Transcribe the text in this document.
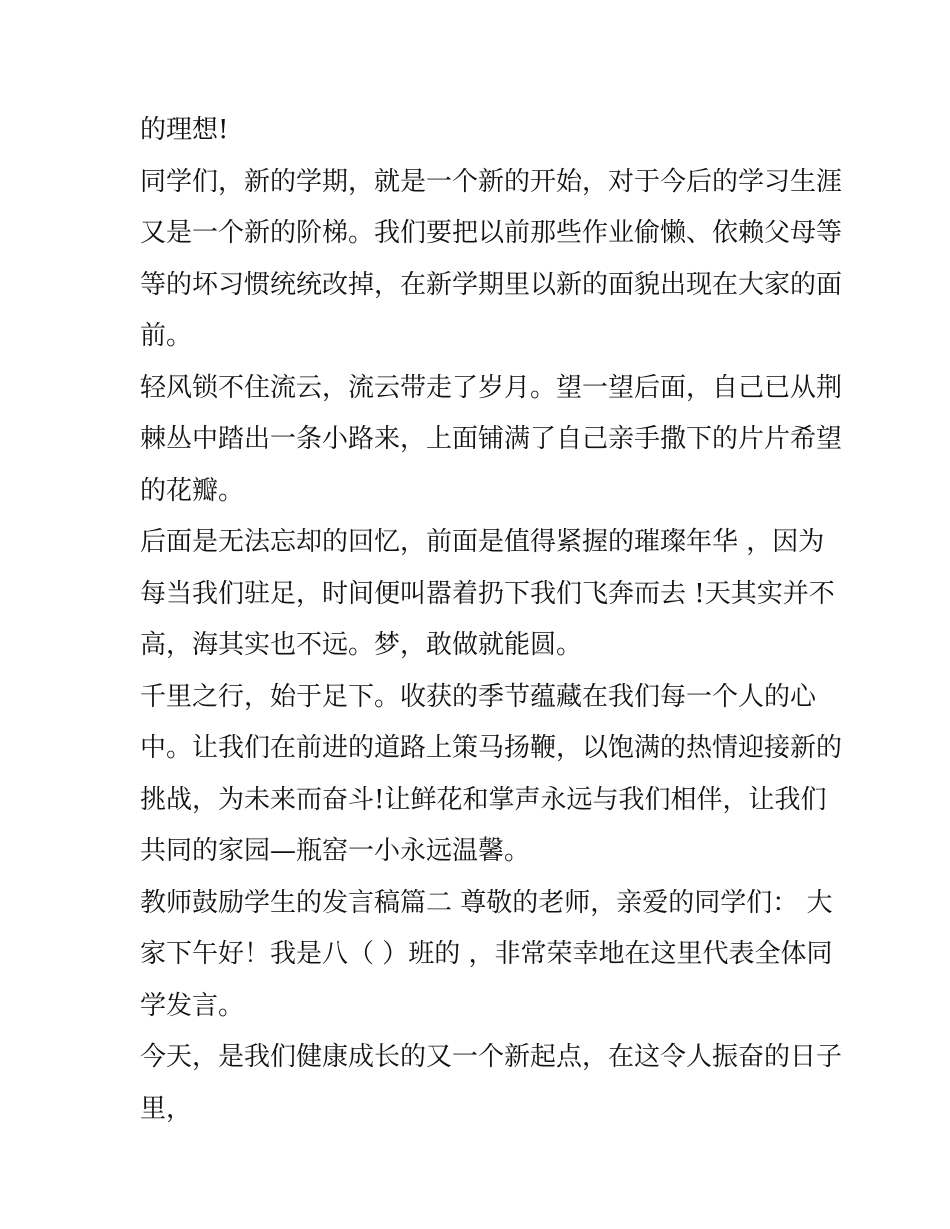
的理想!

同学们，新的学期，就是一个新的开始，对于今后的学习生涯
又是一个新的阶梯。我们要把以前那些作业偷懒、依赖父母等
等的坏习惯统统改掉，在新学期里以新的面貌出现在大家的面
前。

轻风锁不住流云，流云带走了岁月。望一望后面，自己已从荆
棘丛中踏出一条小路来，上面铺满了自己亲手撒下的片片希望
的花瓣。

后面是无法忘却的回忆，前面是值得紧握的璀璨年华 ，因为
每当我们驻足，时间便叫嚣着扔下我们飞奔而去 !天其实并不
高，海其实也不远。梦，敢做就能圆。

千里之行，始于足下。收获的季节蕴藏在我们每一个人的心
中。让我们在前进的道路上策马扬鞭，以饱满的热情迎接新的
挑战，为未来而奋斗!让鲜花和掌声永远与我们相伴，让我们
共同的家园—瓶窑一小永远温馨。

教师鼓励学生的发言稿篇二 尊敬的老师，亲爱的同学们： 大
家下午好！我是八（ ）班的 ，非常荣幸地在这里代表全体同
学发言。

今天，是我们健康成长的又一个新起点，在这令人振奋的日子
里，
